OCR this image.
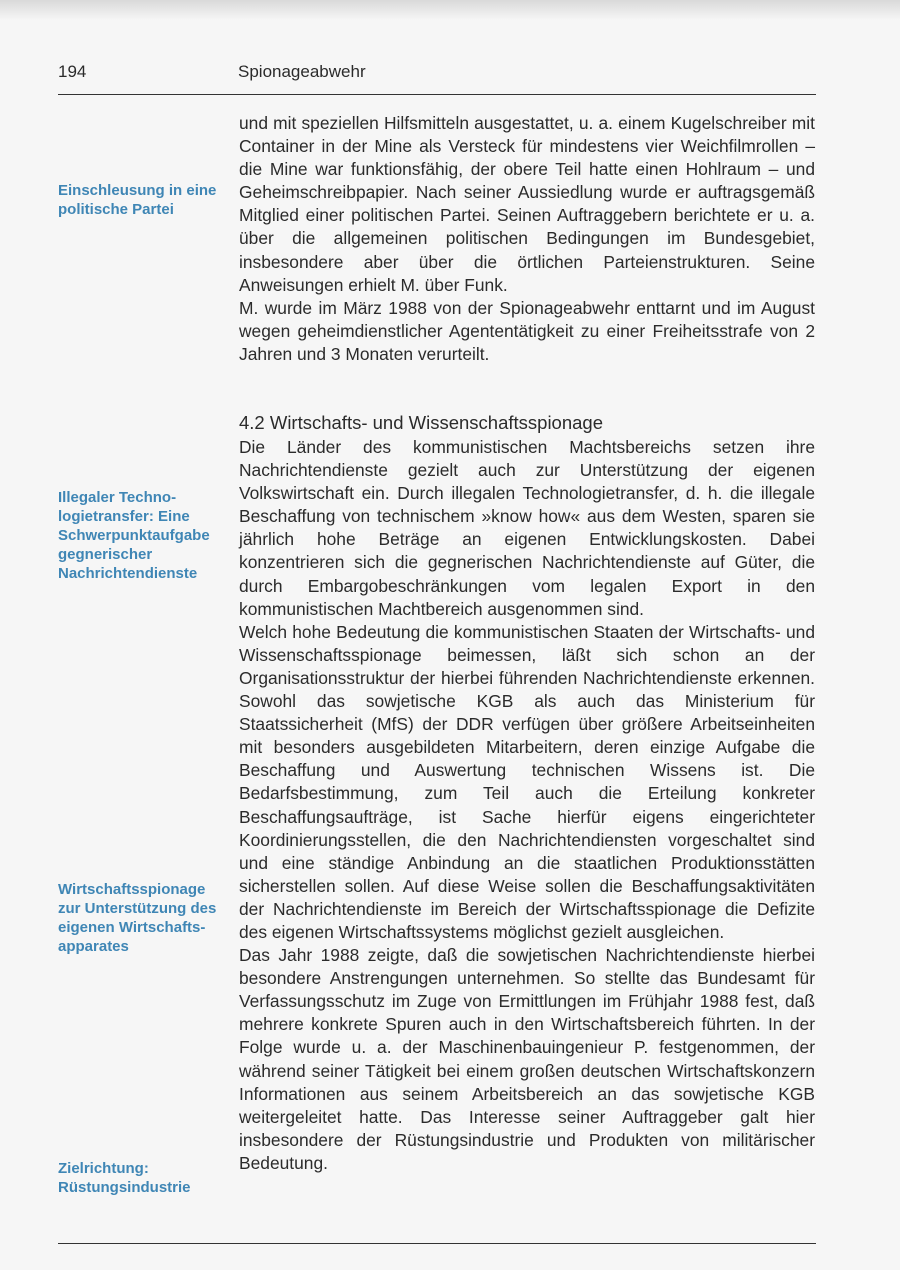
194	Spionageabwehr
Einschleusung in eine politische Partei
Illegaler Technologietransfer: Eine Schwerpunktaufgabe gegnerischer Nachrichtendienste
Wirtschaftsspionage zur Unterstützung des eigenen Wirtschaftsapparates
Zielrichtung: Rüstungsindustrie

und mit speziellen Hilfsmitteln ausgestattet, u. a. einem Kugelschreiber mit Container in der Mine als Versteck für mindestens vier Weichfilmrollen – die Mine war funktionsfähig, der obere Teil hatte einen Hohlraum – und Geheimschreibpapier. Nach seiner Aussiedlung wurde er auftragsgemäß Mitglied einer politischen Partei. Seinen Auftraggebern berichtete er u. a. über die allgemeinen politischen Bedingungen im Bundesgebiet, insbesondere aber über die örtlichen Parteienstrukturen. Seine Anweisungen erhielt M. über Funk.

M. wurde im März 1988 von der Spionageabwehr enttarnt und im August wegen geheimdienstlicher Agententätigkeit zu einer Freiheitsstrafe von 2 Jahren und 3 Monaten verurteilt.

4.2 Wirtschafts- und Wissenschaftsspionage

Die Länder des kommunistischen Machtsbereichs setzen ihre Nachrichtendienste gezielt auch zur Unterstützung der eigenen Volkswirtschaft ein. Durch illegalen Technologietransfer, d. h. die illegale Beschaffung von technischem »know how« aus dem Westen, sparen sie jährlich hohe Beträge an eigenen Entwicklungskosten. Dabei konzentrieren sich die gegnerischen Nachrichtendienste auf Güter, die durch Embargobeschränkungen vom legalen Export in den kommunistischen Machtbereich ausgenommen sind.

Welch hohe Bedeutung die kommunistischen Staaten der Wirtschafts- und Wissenschaftsspionage beimessen, läßt sich schon an der Organisationsstruktur der hierbei führenden Nachrichtendienste erkennen. Sowohl das sowjetische KGB als auch das Ministerium für Staatssicherheit (MfS) der DDR verfügen über größere Arbeitseinheiten mit besonders ausgebildeten Mitarbeitern, deren einzige Aufgabe die Beschaffung und Auswertung technischen Wissens ist. Die Bedarfsbestimmung, zum Teil auch die Erteilung konkreter Beschaffungsaufträge, ist Sache hierfür eigens eingerichteter Koordinierungsstellen, die den Nachrichtendiensten vorgeschaltet sind und eine ständige Anbindung an die staatlichen Produktionsstätten sicherstellen sollen. Auf diese Weise sollen die Beschaffungsaktivitäten der Nachrichtendienste im Bereich der Wirtschaftsspionage die Defizite des eigenen Wirtschaftssystems möglichst gezielt ausgleichen.

Das Jahr 1988 zeigte, daß die sowjetischen Nachrichtendienste hierbei besondere Anstrengungen unternehmen. So stellte das Bundesamt für Verfassungsschutz im Zuge von Ermittlungen im Frühjahr 1988 fest, daß mehrere konkrete Spuren auch in den Wirtschaftsbereich führten. In der Folge wurde u. a. der Maschinenbauingenieur P. festgenommen, der während seiner Tätigkeit bei einem großen deutschen Wirtschaftskonzern Informationen aus seinem Arbeitsbereich an das sowjetische KGB weitergeleitet hatte. Das Interesse seiner Auftraggeber galt hier insbesondere der Rüstungsindustrie und Produkten von militärischer Bedeutung.
